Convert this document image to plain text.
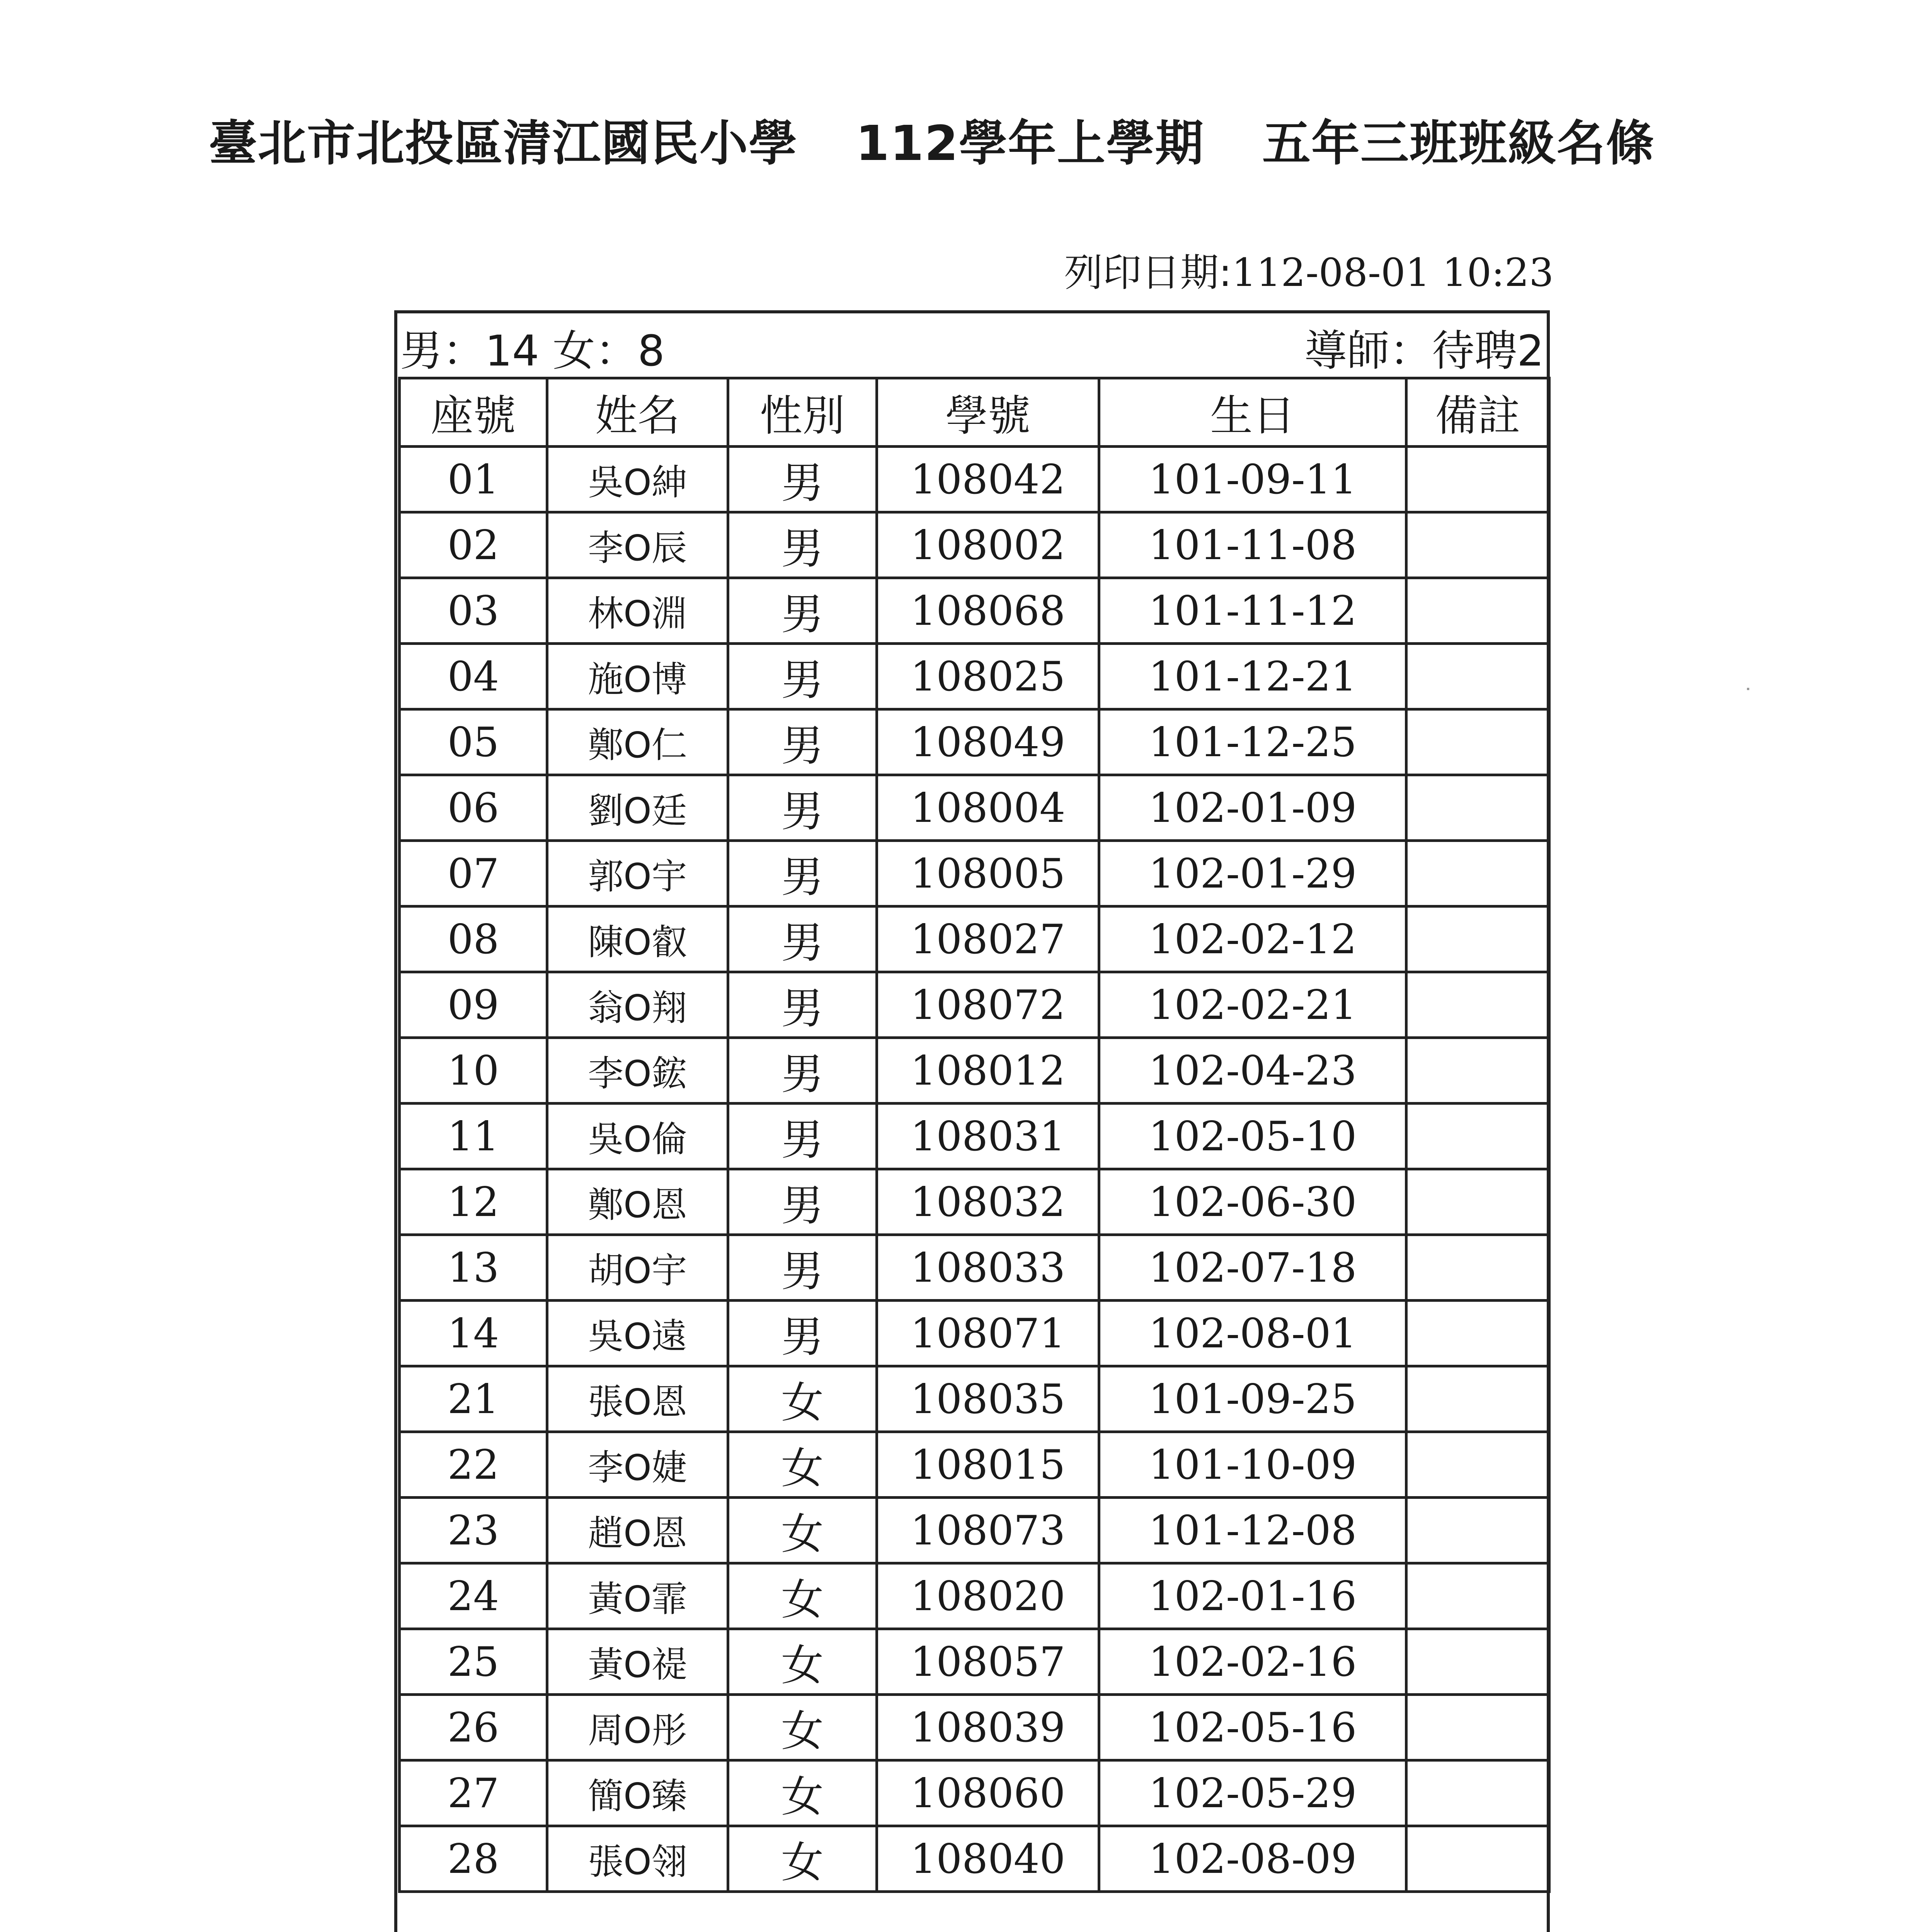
臺北市北投區清江國民小學 112學年上學期 五年三班班級名條
列印日期:112-08-01 10:23
男：14 女：8	導師：待聘2
座號	姓名	性別	學號	生日	備註
01	吳O紳	男	108042	101-09-11	
02	李O辰	男	108002	101-11-08	
03	林O淵	男	108068	101-11-12	
04	施O博	男	108025	101-12-21	
05	鄭O仁	男	108049	101-12-25	
06	劉O廷	男	108004	102-01-09	
07	郭O宇	男	108005	102-01-29	
08	陳O叡	男	108027	102-02-12	
09	翁O翔	男	108072	102-02-21	
10	李O鋐	男	108012	102-04-23	
11	吳O倫	男	108031	102-05-10	
12	鄭O恩	男	108032	102-06-30	
13	胡O宇	男	108033	102-07-18	
14	吳O遠	男	108071	102-08-01	
21	張O恩	女	108035	101-09-25	
22	李O婕	女	108015	101-10-09	
23	趙O恩	女	108073	101-12-08	
24	黃O霏	女	108020	102-01-16	
25	黃O禔	女	108057	102-02-16	
26	周O彤	女	108039	102-05-16	
27	簡O臻	女	108060	102-05-29	
28	張O翎	女	108040	102-08-09	
